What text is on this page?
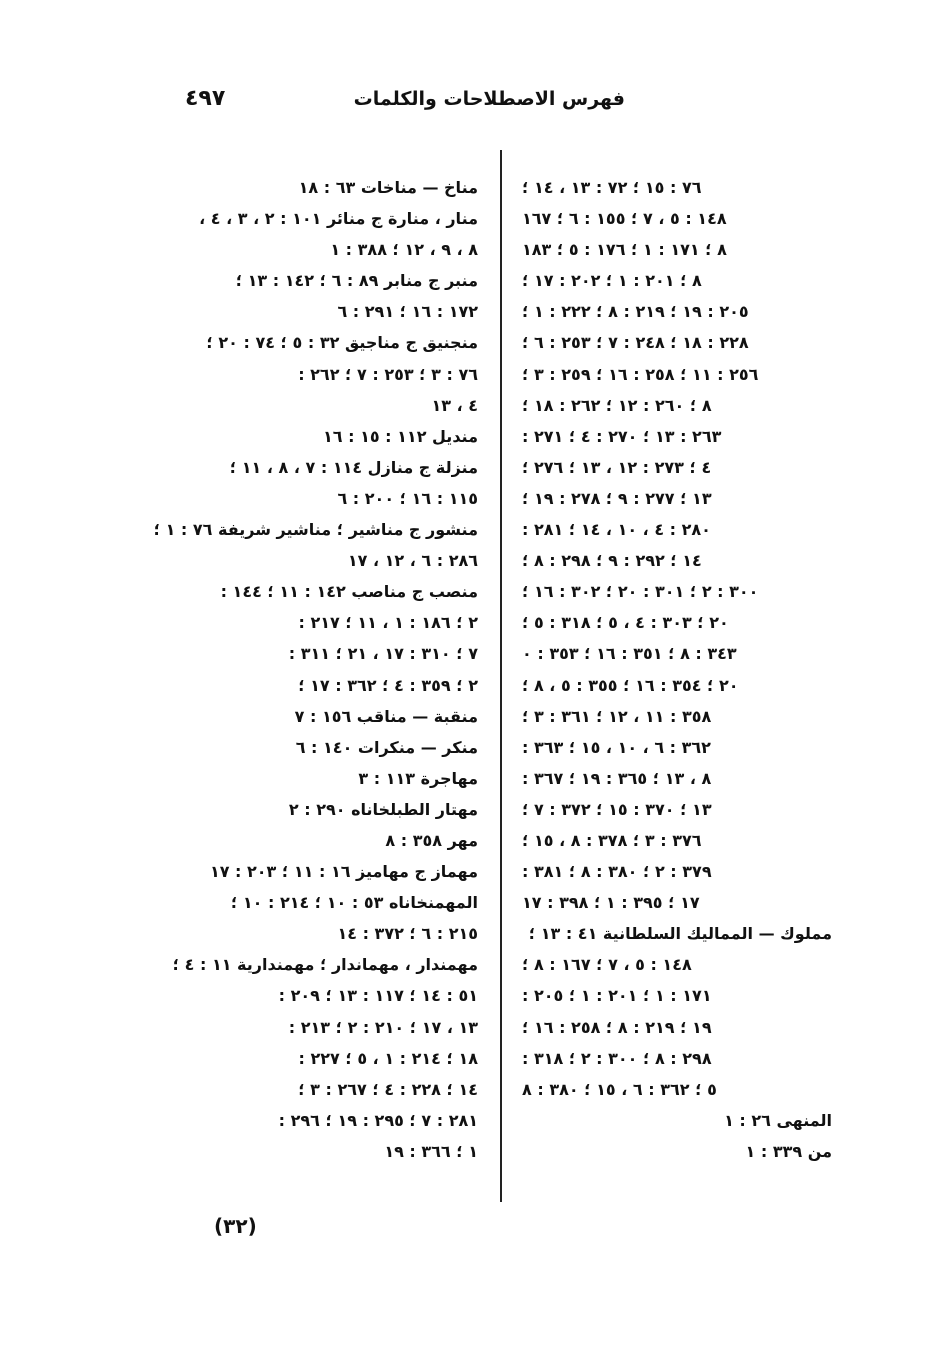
فهرس الاصطلاحات والكلمات
٤٩٧
٧٦ : ١٥ ؛ ٧٢ : ١٣ ، ١٤ ؛
١٤٨ : ٥ ، ٧ ؛ ١٥٥ : ٦ ؛ ١٦٧
٨ ؛ ١٧١ : ١ ؛ ١٧٦ : ٥ ؛ ١٨٣
٨ ؛ ٢٠١ : ١ ؛ ٢٠٢ : ١٧ ؛
٢٠٥ : ١٩ ؛ ٢١٩ : ٨ ؛ ٢٢٢ : ١ ؛
٢٢٨ : ١٨ ؛ ٢٤٨ : ٧ ؛ ٢٥٣ : ٦ ؛
٢٥٦ : ١١ ؛ ٢٥٨ : ١٦ ؛ ٢٥٩ : ٣ ؛
٨ ؛ ٢٦٠ : ١٢ ؛ ٢٦٢ : ١٨ ؛
٢٦٣ : ١٣ ؛ ٢٧٠ : ٤ ؛ ٢٧١ :
٤ ؛ ٢٧٣ : ١٢ ، ١٣ ؛ ٢٧٦ ؛
١٣ ؛ ٢٧٧ : ٩ ؛ ٢٧٨ : ١٩ ؛
٢٨٠ : ٤ ، ١٠ ، ١٤ ؛ ٢٨١ :
١٤ ؛ ٢٩٢ : ٩ ؛ ٢٩٨ : ٨ ؛
٣٠٠ : ٢ ؛ ٣٠١ : ٢٠ ؛ ٣٠٢ : ١٦ ؛
٢٠ ؛ ٣٠٣ : ٤ ، ٥ ؛ ٣١٨ : ٥ ؛
٣٤٣ : ٨ ؛ ٣٥١ : ١٦ ؛ ٣٥٣ : ٠
٢٠ ؛ ٣٥٤ : ١٦ ؛ ٣٥٥ : ٥ ، ٨ ؛
٣٥٨ : ١١ ، ١٢ ؛ ٣٦١ : ٣ ؛
٣٦٢ : ٦ ، ١٠ ، ١٥ ؛ ٣٦٣ :
٨ ، ١٣ ؛ ٣٦٥ : ١٩ ؛ ٣٦٧ :
١٣ ؛ ٣٧٠ : ١٥ ؛ ٣٧٢ : ٧ ؛
٣٧٦ : ٣ ؛ ٣٧٨ : ٨ ، ١٥ ؛
٣٧٩ : ٢ ؛ ٣٨٠ : ٨ ؛ ٣٨١ :
١٧ ؛ ٣٩٥ : ١ ؛ ٣٩٨ : ١٧
مملوك — المماليك السلطانية ٤١ : ١٣ ؛
١٤٨ : ٥ ، ٧ ؛ ١٦٧ : ٨ ؛
١٧١ : ١ ؛ ٢٠١ : ١ ؛ ٢٠٥ :
١٩ ؛ ٢١٩ : ٨ ؛ ٢٥٨ : ١٦ ؛
٢٩٨ : ٨ ؛ ٣٠٠ : ٢ ؛ ٣١٨ :
٥ ؛ ٣٦٢ : ٦ ، ١٥ ؛ ٣٨٠ : ٨
المنهى ٢٦ : ١
من ٣٣٩ : ١
مناخ — مناخات ٦٣ : ١٨
منار ، منارة ج منائر ١٠١ : ٢ ، ٣ ، ٤ ،
٨ ، ٩ ، ١٢ ؛ ٣٨٨ : ١
منبر ج منابر ٨٩ : ٦ ؛ ١٤٢ : ١٣ ؛
١٧٢ : ١٦ ؛ ٢٩١ : ٦
منجنيق ج مناجيق ٣٢ : ٥ ؛ ٧٤ : ٢٠ ؛
٧٦ : ٣ ؛ ٢٥٣ : ٧ ؛ ٢٦٢ :
٤ ، ١٣
منديل ١١٢ : ١٥ : ١٦
منزلة ج منازل ١١٤ : ٧ ، ٨ ، ١١ ؛
١١٥ : ١٦ ؛ ٢٠٠ : ٦
منشور ج مناشير ؛ مناشير شريفة ٧٦ : ١ ؛
٢٨٦ : ٦ ، ١٢ ، ١٧
منصب ج مناصب ١٤٢ : ١١ ؛ ١٤٤ :
٢ ؛ ١٨٦ : ١ ، ١١ ؛ ٢١٧ :
٧ ؛ ٣١٠ : ١٧ ، ٢١ ؛ ٣١١ :
٢ ؛ ٣٥٩ : ٤ ؛ ٣٦٢ : ١٧ ؛
منقبة — مناقب ١٥٦ : ٧
منكر — منكرات ١٤٠ : ٦
مهاجرة ١١٣ : ٣
مهتار الطبلخاناه ٢٩٠ : ٢
مهر ٣٥٨ : ٨
مهماز ج مهاميز ١٦ : ١١ ؛ ٢٠٣ : ١٧
المهمنخاناه ٥٣ : ١٠ ؛ ٢١٤ : ١٠ ؛
٢١٥ : ٦ ؛ ٣٧٢ : ١٤
مهمندار ، مهماندار ؛ مهمندارية ١١ : ٤ ؛
٥١ : ١٤ ؛ ١١٧ : ١٣ ؛ ٢٠٩ :
١٣ ، ١٧ ؛ ٢١٠ : ٢ ؛ ٢١٣ :
١٨ ؛ ٢١٤ : ١ ، ٥ ؛ ٢٢٧ :
١٤ ؛ ٢٢٨ : ٤ ؛ ٢٦٧ : ٣ ؛
٢٨١ : ٧ ؛ ٢٩٥ : ١٩ ؛ ٢٩٦ :
١ ؛ ٣٦٦ : ١٩
(٣٢)
